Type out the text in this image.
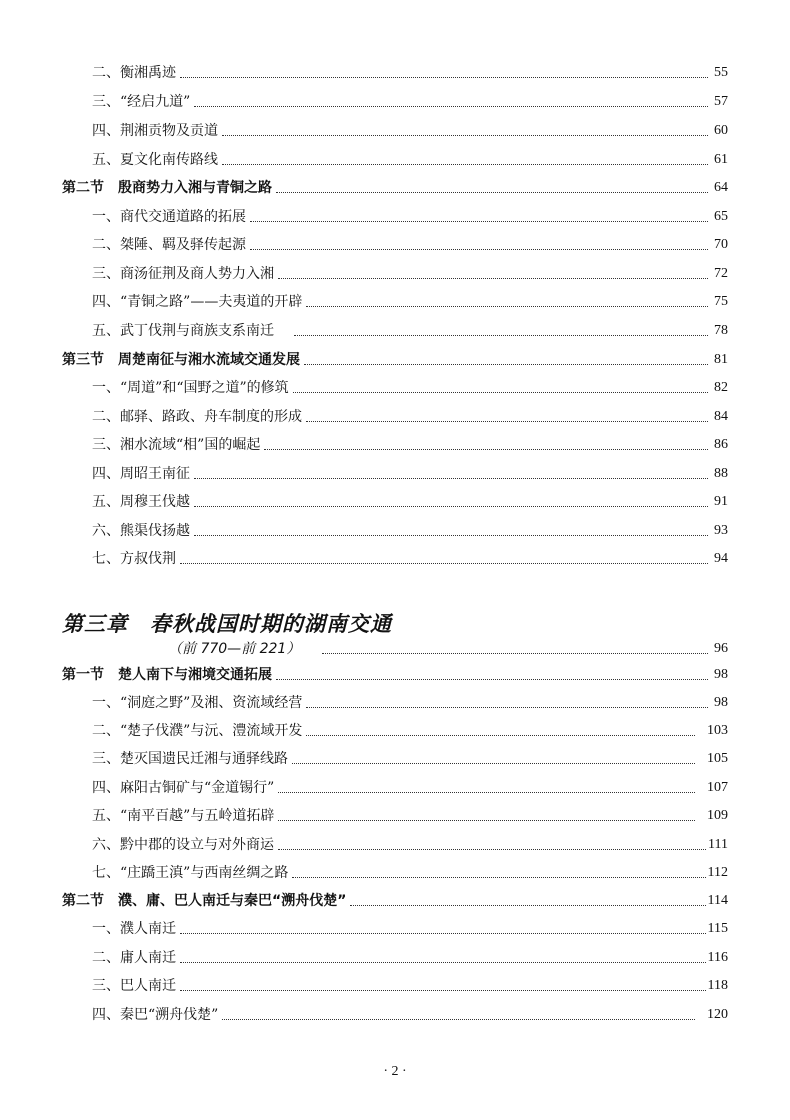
二、衡湘禹迹	55
三、“经启九道”	57
四、荆湘贡物及贡道	60
五、夏文化南传路线	61
第二节　殷商势力入湘与青铜之路	64
一、商代交通道路的拓展	65
二、桀陲、羁及驿传起源	70
三、商汤征荆及商人势力入湘	72
四、“青铜之路”——夫夷道的开辟	75
五、武丁伐荆与商族支系南迁	78
第三节　周楚南征与湘水流域交通发展	81
一、“周道”和“国野之道”的修筑	82
二、邮驿、路政、舟车制度的形成	84
三、湘水流域“相”国的崛起	86
四、周昭王南征	88
五、周穆王伐越	91
六、熊渠伐扬越	93
七、方叔伐荆	94
第三章 春秋战国时期的湖南交通
（前 770—前 221）	96
第一节　楚人南下与湘境交通拓展	98
一、“洞庭之野”及湘、资流域经营	98
二、“楚子伐濮”与沅、澧流域开发	103
三、楚灭国遗民迁湘与通驿线路	105
四、麻阳古铜矿与“金道锡行”	107
五、“南平百越”与五岭道拓辟	109
六、黔中郡的设立与对外商运	111
七、“庄蹻王滇”与西南丝绸之路	112
第二节　濮、庸、巴人南迁与秦巴“溯舟伐楚”	114
一、濮人南迁	115
二、庸人南迁	116
三、巴人南迁	118
四、秦巴“溯舟伐楚”	120
· 2 ·
